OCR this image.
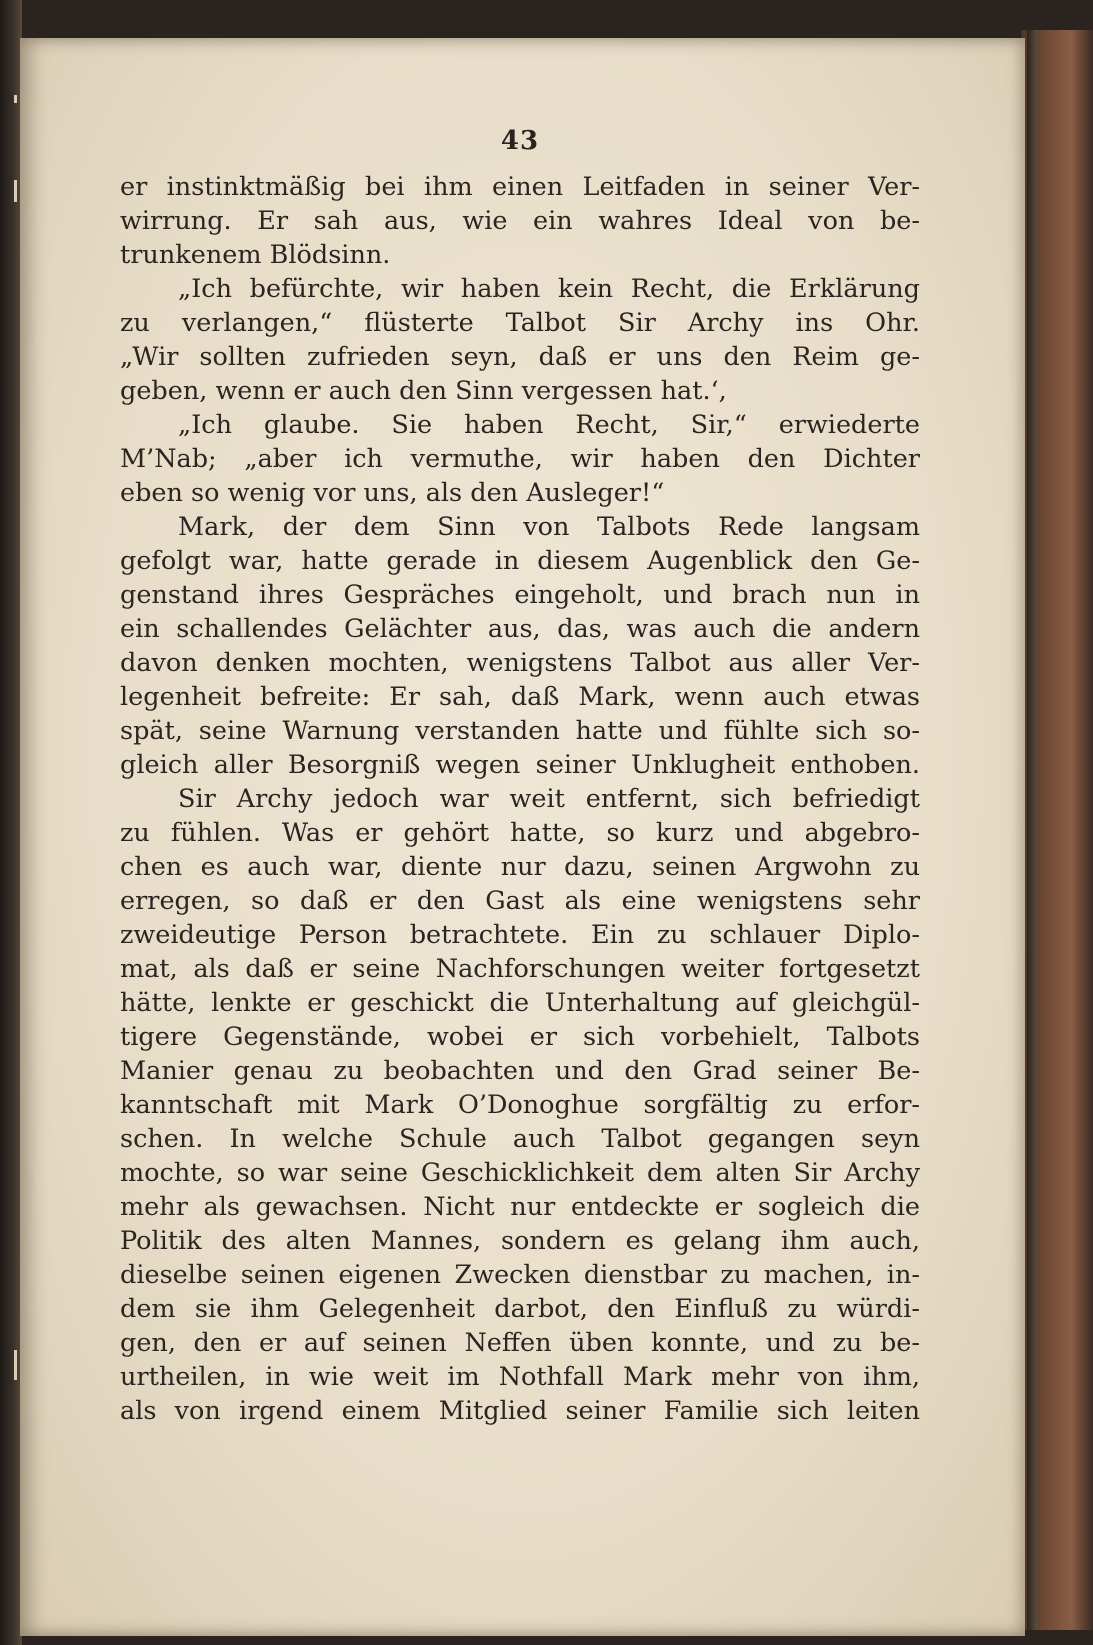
43
er instinktmäßig bei ihm einen Leitfaden in seiner Ver-
wirrung. Er sah aus, wie ein wahres Ideal von be-
trunkenem Blödsinn.
„Ich befürchte, wir haben kein Recht, die Erklärung
zu verlangen,“ flüsterte Talbot Sir Archy ins Ohr.
„Wir sollten zufrieden seyn, daß er uns den Reim ge-
geben, wenn er auch den Sinn vergessen hat.‘,
„Ich glaube. Sie haben Recht, Sir,“ erwiederte
M’Nab; „aber ich vermuthe, wir haben den Dichter
eben so wenig vor uns, als den Ausleger!“
Mark, der dem Sinn von Talbots Rede langsam
gefolgt war, hatte gerade in diesem Augenblick den Ge-
genstand ihres Gespräches eingeholt, und brach nun in
ein schallendes Gelächter aus, das, was auch die andern
davon denken mochten, wenigstens Talbot aus aller Ver-
legenheit befreite: Er sah, daß Mark, wenn auch etwas
spät, seine Warnung verstanden hatte und fühlte sich so-
gleich aller Besorgniß wegen seiner Unklugheit enthoben.
Sir Archy jedoch war weit entfernt, sich befriedigt
zu fühlen. Was er gehört hatte, so kurz und abgebro-
chen es auch war, diente nur dazu, seinen Argwohn zu
erregen, so daß er den Gast als eine wenigstens sehr
zweideutige Person betrachtete. Ein zu schlauer Diplo-
mat, als daß er seine Nachforschungen weiter fortgesetzt
hätte, lenkte er geschickt die Unterhaltung auf gleichgül-
tigere Gegenstände, wobei er sich vorbehielt, Talbots
Manier genau zu beobachten und den Grad seiner Be-
kanntschaft mit Mark O’Donoghue sorgfältig zu erfor-
schen. In welche Schule auch Talbot gegangen seyn
mochte, so war seine Geschicklichkeit dem alten Sir Archy
mehr als gewachsen. Nicht nur entdeckte er sogleich die
Politik des alten Mannes, sondern es gelang ihm auch,
dieselbe seinen eigenen Zwecken dienstbar zu machen, in-
dem sie ihm Gelegenheit darbot, den Einfluß zu würdi-
gen, den er auf seinen Neffen üben konnte, und zu be-
urtheilen, in wie weit im Nothfall Mark mehr von ihm,
als von irgend einem Mitglied seiner Familie sich leiten
